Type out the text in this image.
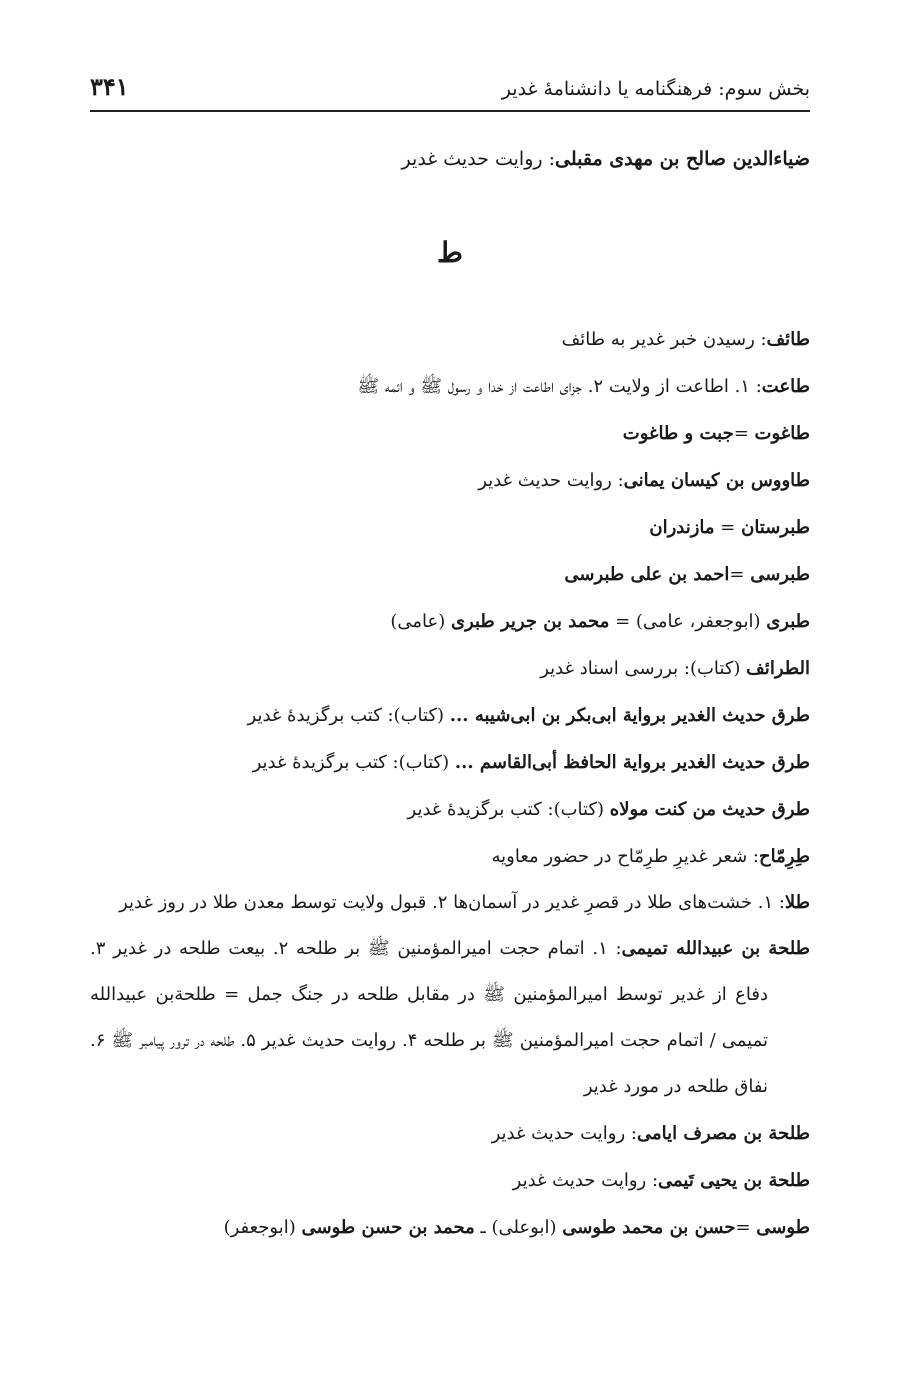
بخش سوم: فرهنگنامه یا دانشنامهٔ غدیر
۳۴۱
ضیاءالدین صالح بن مهدی مقبلی: روایت حدیث غدیر
ط

طائف: رسیدن خبر غدیر به طائف

طاعت: ۱. اطاعت از ولایت ۲. جزای اطاعت از خدا و رسول ﷺ و ائمه ﷺ

طاغوت =جبت و طاغوت

طاووس بن کیسان یمانی: روایت حدیث غدیر

طبرستان = مازندران

طبرسی =احمد بن علی طبرسی

طبری (ابوجعفر، عامی) = محمد بن جریر طبری (عامی)

الطرائف (کتاب): بررسی اسناد غدیر

طرق حدیث الغدیر بروایة ابی‌بکر بن ابی‌شیبه ... (کتاب): کتب برگزیدهٔ غدیر

طرق حدیث الغدیر بروایة الحافظ أبی‌القاسم ... (کتاب): کتب برگزیدهٔ غدیر

طرق حدیث من کنت مولاه (کتاب): کتب برگزیدهٔ غدیر

طِرِمّاح: شعر غدیرِ طرِمّاح در حضور معاویه

طلا: ۱. خشت‌های طلا در قصرِ غدیر در آسمان‌ها ۲. قبول ولایت توسط معدن طلا در روز غدیر

طلحة بن عبیدالله تمیمی: ۱. اتمام حجت امیرالمؤمنین ﷺ بر طلحه ۲. بیعت طلحه در غدیر ۳. دفاع از غدیر توسط امیرالمؤمنین ﷺ در مقابل طلحه در جنگ جمل = طلحة‌بن عبیدالله تمیمی / اتمام حجت امیرالمؤمنین ﷺ بر طلحه ۴. روایت حدیث غدیر ۵. طلحه در ترور پیامبر ﷺ ۶. نفاق طلحه در مورد غدیر

طلحة بن مصرف ایامی: روایت حدیث غدیر

طلحة بن یحیی تَیمی: روایت حدیث غدیر

طوسی =حسن بن محمد طوسی (ابوعلی) ـ محمد بن حسن طوسی (ابوجعفر)
